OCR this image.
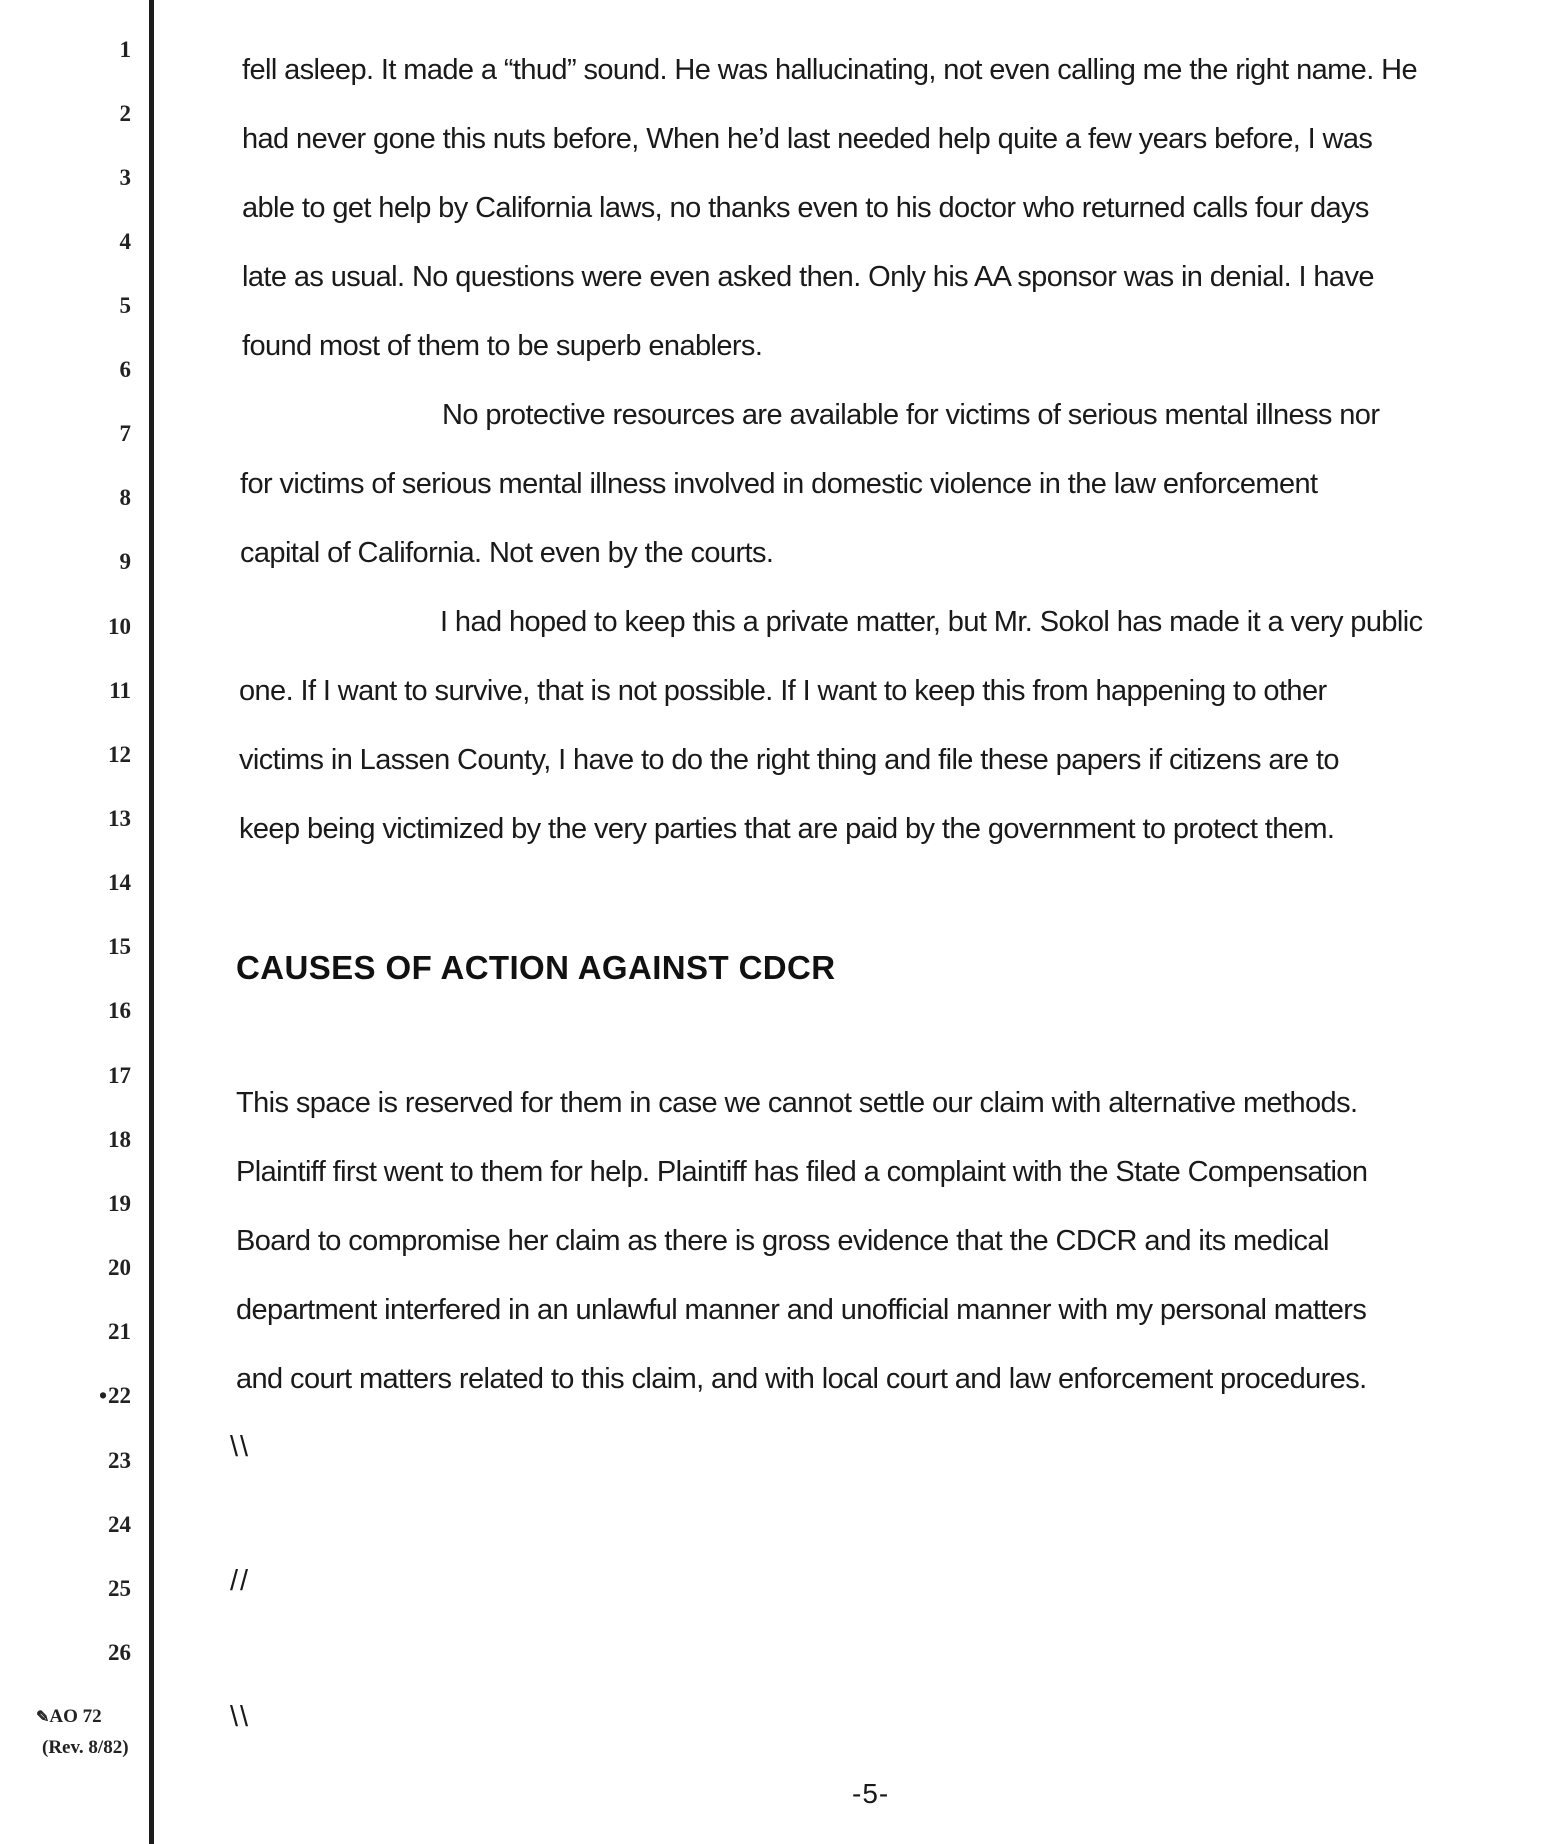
1
2
3
4
5
6
7
8
9
10
11
12
13
14
15
16
17
18
19
20
21
• 22
23
24
25
26
✎AO 72
(Rev. 8/82)
fell asleep. It made a “thud” sound. He was hallucinating, not even calling me the right name. He
had never gone this nuts before, When he’d last needed help quite a few years before, I was
able to get help by California laws, no thanks even to his doctor who returned calls four days
late as usual. No questions were even asked then. Only his AA sponsor was in denial. I have
found most of them to be superb enablers.
No protective resources are available for victims of serious mental illness nor
for victims of serious mental illness involved in domestic violence in the law enforcement
capital of California. Not even by the courts.
I had hoped to keep this a private matter, but Mr. Sokol has made it a very public
one. If I want to survive, that is not possible. If I want to keep this from happening to other
victims in Lassen County, I have to do the right thing and file these papers if citizens are to
keep being victimized by the very parties that are paid by the government to protect them.
CAUSES OF ACTION AGAINST CDCR
This space is reserved for them in case we cannot settle our claim with alternative methods.
Plaintiff first went to them for help. Plaintiff has filed a complaint with the State Compensation
Board to compromise her claim as there is gross evidence that the CDCR and its medical
department interfered in an unlawful manner and unofficial manner with my personal matters
and court matters related to this claim, and with local court and law enforcement procedures.
\\
//
\\
-5-
